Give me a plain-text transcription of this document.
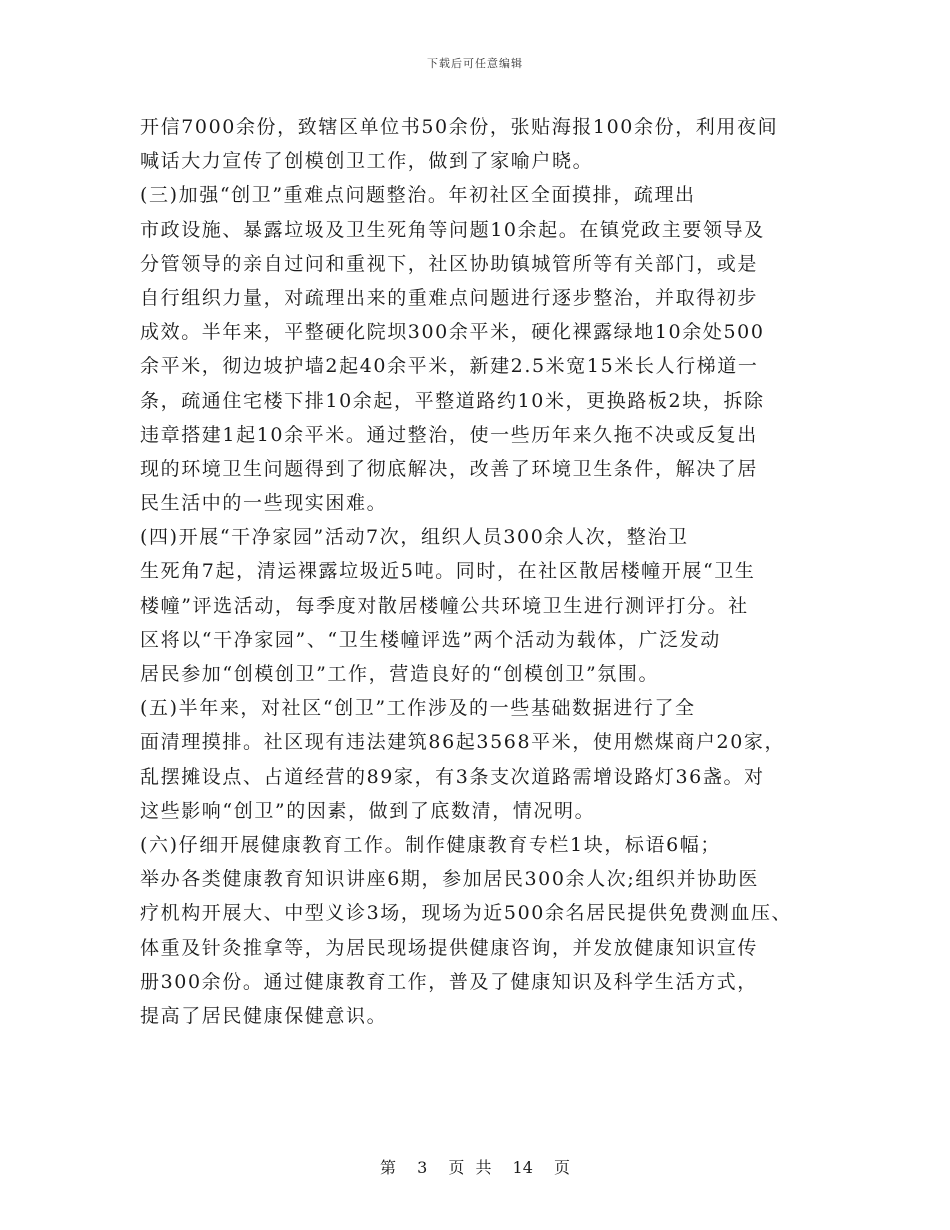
下载后可任意编辑
开信7000余份，致辖区单位书50余份，张贴海报100余份，利用夜间
喊话大力宣传了创模创卫工作，做到了家喻户晓。
(三)加强“创卫”重难点问题整治。年初社区全面摸排，疏理出
市政设施、暴露垃圾及卫生死角等问题10余起。在镇党政主要领导及
分管领导的亲自过问和重视下，社区协助镇城管所等有关部门，或是
自行组织力量，对疏理出来的重难点问题进行逐步整治，并取得初步
成效。半年来，平整硬化院坝300余平米，硬化裸露绿地10余处500
余平米，彻边坡护墙2起40余平米，新建2.5米宽15米长人行梯道一
条，疏通住宅楼下排10余起，平整道路约10米，更换路板2块，拆除
违章搭建1起10余平米。通过整治，使一些历年来久拖不决或反复出
现的环境卫生问题得到了彻底解决，改善了环境卫生条件，解决了居
民生活中的一些现实困难。
(四)开展“干净家园”活动7次，组织人员300余人次，整治卫
生死角7起，清运裸露垃圾近5吨。同时，在社区散居楼幢开展“卫生
楼幢”评选活动，每季度对散居楼幢公共环境卫生进行测评打分。社
区将以“干净家园”、“卫生楼幢评选”两个活动为载体，广泛发动
居民参加“创模创卫”工作，营造良好的“创模创卫”氛围。
(五)半年来，对社区“创卫”工作涉及的一些基础数据进行了全
面清理摸排。社区现有违法建筑86起3568平米，使用燃煤商户20家，
乱摆摊设点、占道经营的89家，有3条支次道路需增设路灯36盏。对
这些影响“创卫”的因素，做到了底数清，情况明。
(六)仔细开展健康教育工作。制作健康教育专栏1块，标语6幅；
举办各类健康教育知识讲座6期，参加居民300余人次;组织并协助医
疗机构开展大、中型义诊3场，现场为近500余名居民提供免费测血压、
体重及针灸推拿等，为居民现场提供健康咨询，并发放健康知识宣传
册300余份。通过健康教育工作，普及了健康知识及科学生活方式，
提高了居民健康保健意识。
第 3 页 共 14 页
